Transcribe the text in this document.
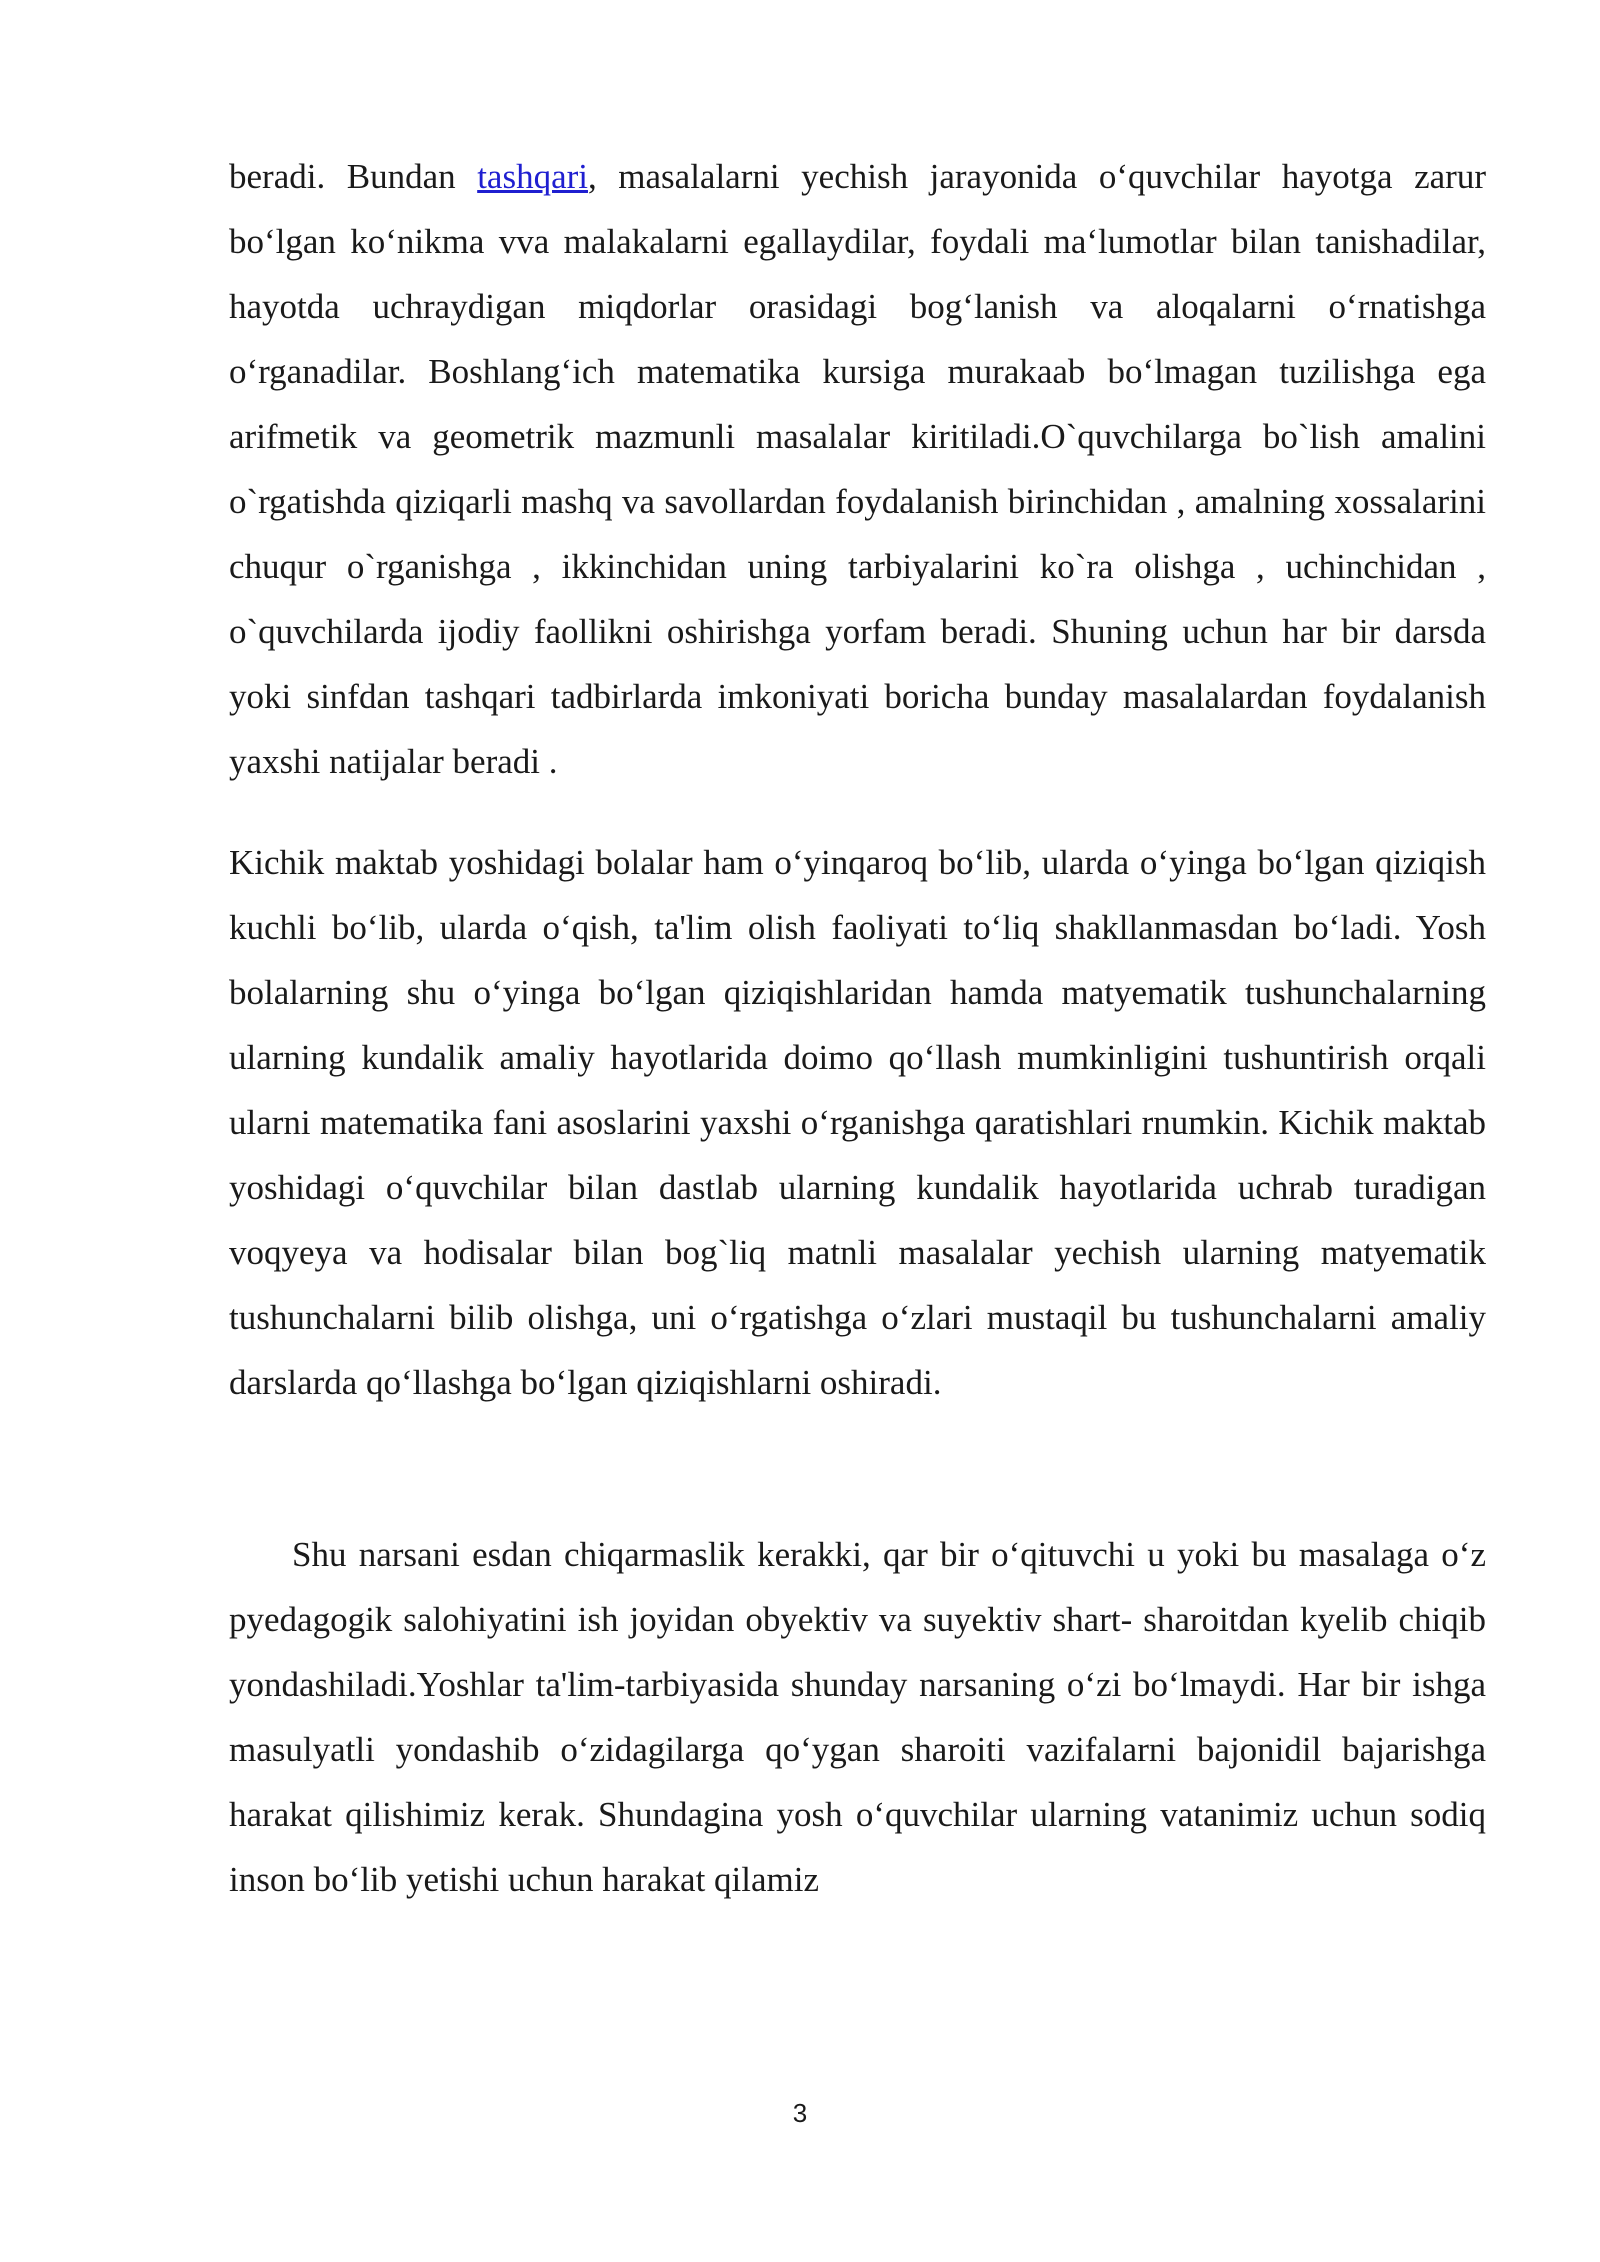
beradi. Bundan tashqari, masalalarni yechish jarayonida o‘quvchilar hayotga zarur bo‘lgan ko‘nikma vva malakalarni egallaydilar, foydali ma‘lumotlar bilan tanishadilar, hayotda uchraydigan miqdorlar orasidagi bog‘lanish va aloqalarni o‘rnatishga o‘rganadilar. Boshlang‘ich matematika kursiga murakaab bo‘lmagan tuzilishga ega arifmetik va geometrik mazmunli masalalar kiritiladi.O`quvchilarga bo`lish amalini o`rgatishda qiziqarli mashq va savollardan foydalanish birinchidan , amalning xossalarini chuqur o`rganishga , ikkinchidan uning tarbiyalarini ko`ra olishga , uchinchidan , o`quvchilarda ijodiy faollikni oshirishga yorfam beradi. Shuning uchun har bir darsda yoki sinfdan tashqari tadbirlarda imkoniyati boricha bunday masalalardan foydalanish yaxshi natijalar beradi .

Kichik maktab yoshidagi bolalar ham o‘yinqaroq bo‘lib, ularda o‘yinga bo‘lgan qiziqish kuchli bo‘lib, ularda o‘qish, ta'lim olish faoliyati to‘liq shakllanmasdan bo‘ladi. Yosh bolalarning shu o‘yinga bo‘lgan qiziqishlaridan hamda matyematik tushunchalarning ularning kundalik amaliy hayotlarida doimo qo‘llash mumkinligini tushuntirish orqali ularni matematika fani asoslarini yaxshi o‘rganishga qaratishlari rnumkin. Kichik maktab yoshidagi o‘quvchilar bilan dastlab ularning kundalik hayotlarida uchrab turadigan voqyeya va hodisalar bilan bog`liq matnli masalalar yechish ularning matyematik tushunchalarni bilib olishga, uni o‘rgatishga o‘zlari mustaqil bu tushunchalarni amaliy darslarda qo‘llashga bo‘lgan qiziqishlarni oshiradi.

Shu narsani esdan chiqarmaslik kerakki, qar bir o‘qituvchi u yoki bu masalaga o‘z pyedagogik salohiyatini ish joyidan obyektiv va suyektiv shart- sharoitdan kyelib chiqib yondashiladi.Yoshlar ta'lim-tarbiyasida shunday narsaning o‘zi bo‘lmaydi. Har bir ishga masulyatli yondashib o‘zidagilarga qo‘ygan sharoiti vazifalarni bajonidil bajarishga harakat qilishimiz kerak. Shundagina yosh o‘quvchilar ularning vatanimiz uchun sodiq inson bo‘lib yetishi uchun harakat qilamiz

3
